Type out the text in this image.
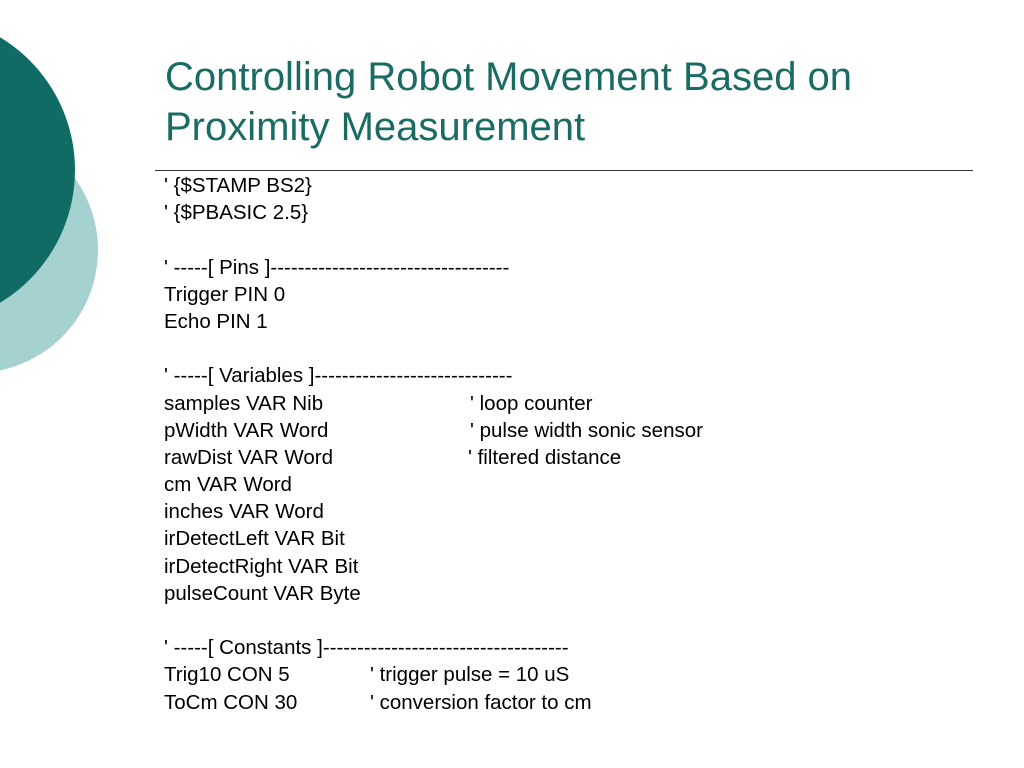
Controlling Robot Movement Based on
Proximity Measurement
' {$STAMP BS2}
' {$PBASIC 2.5}
' -----[ Pins ]-----------------------------------
Trigger PIN 0
Echo PIN 1
' -----[ Variables ]-----------------------------
samples VAR Nib	' loop counter
pWidth VAR Word	' pulse width sonic sensor
rawDist VAR Word	' filtered distance
cm VAR Word
inches VAR Word
irDetectLeft VAR Bit
irDetectRight VAR Bit
pulseCount VAR Byte
' -----[ Constants ]------------------------------------
Trig10 CON 5	' trigger pulse = 10 uS
ToCm CON 30	' conversion factor to cm
